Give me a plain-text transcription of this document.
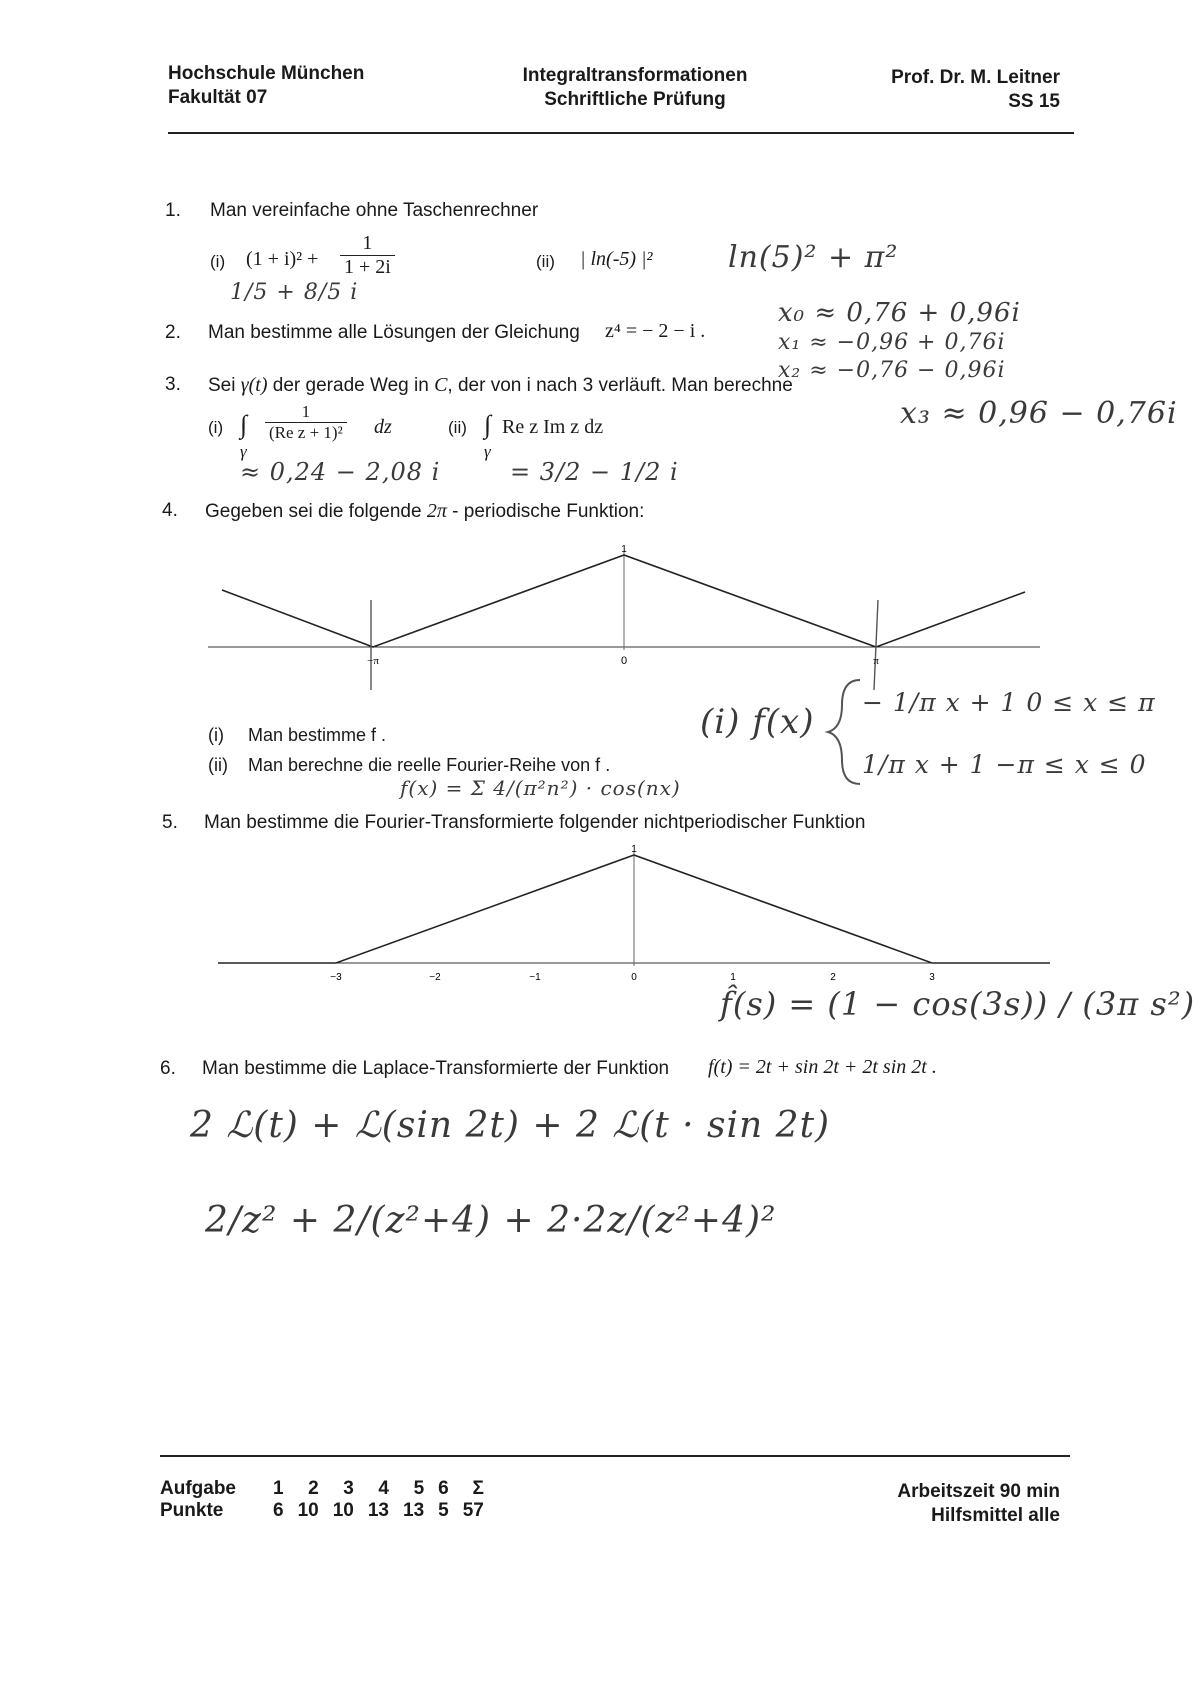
Hochschule München
Fakultät 07
Integraltransformationen
Schriftliche Prüfung
Prof. Dr. M. Leitner
SS 15
1. Man vereinfache ohne Taschenrechner
(i) $(1 + i)^2 + \frac{1}{1 + 2i}$	(ii) | ln(-5) |²
1/5 + 8/5 i
ln(5)² + π²
2. Man bestimme alle Lösungen der Gleichung z⁴ = − 2 − i .
x₀ ≈ 0,76 + 0,96i
x₁ ≈ −0,96 + 0,76i
x₂ ≈ −0,76 − 0,96i
x₃ ≈ 0,96 − 0,76i
3. Sei γ(t) der gerade Weg in C, der von i nach 3 verläuft. Man berechne
(i) ∫
γ
$\frac{1}{\text{(Re z + 1)²}}$ dz	(ii) ∫
γ
Re z Im z dz
≈ 0,24 − 2,08 i	= 3/2 − 1/2 i
4. Gegeben sei die folgende 2π - periodische Funktion:
1
−π	0	π
1
−3	−2	−1	0	1	2	3
(i) Man bestimme f .
(ii) Man berechne die reelle Fourier-Reihe von f .
(i) f(x) − 1/π x + 1 0 ≤ x ≤ π
1/π x + 1 −π ≤ x ≤ 0
f(x) = Σ 4/(π²n²) · cos(nx)
5. Man bestimme die Fourier-Transformierte folgender nichtperiodischer Funktion
f̂(s) = (1 − cos(3s)) / (3π s²)
6. Man bestimme die Laplace-Transformierte der Funktion f(t) = 2t + sin 2t + 2t sin 2t .
2 ℒ(t) + ℒ(sin 2t) + 2 ℒ(t · sin 2t)
2/z² + 2/(z²+4) + 2·2z/(z²+4)²
Aufgabe	1	2	3	4	5	6	Σ
Punkte	6	10	10	13	13	5	57
Arbeitszeit 90 min
Hilfsmittel alle
